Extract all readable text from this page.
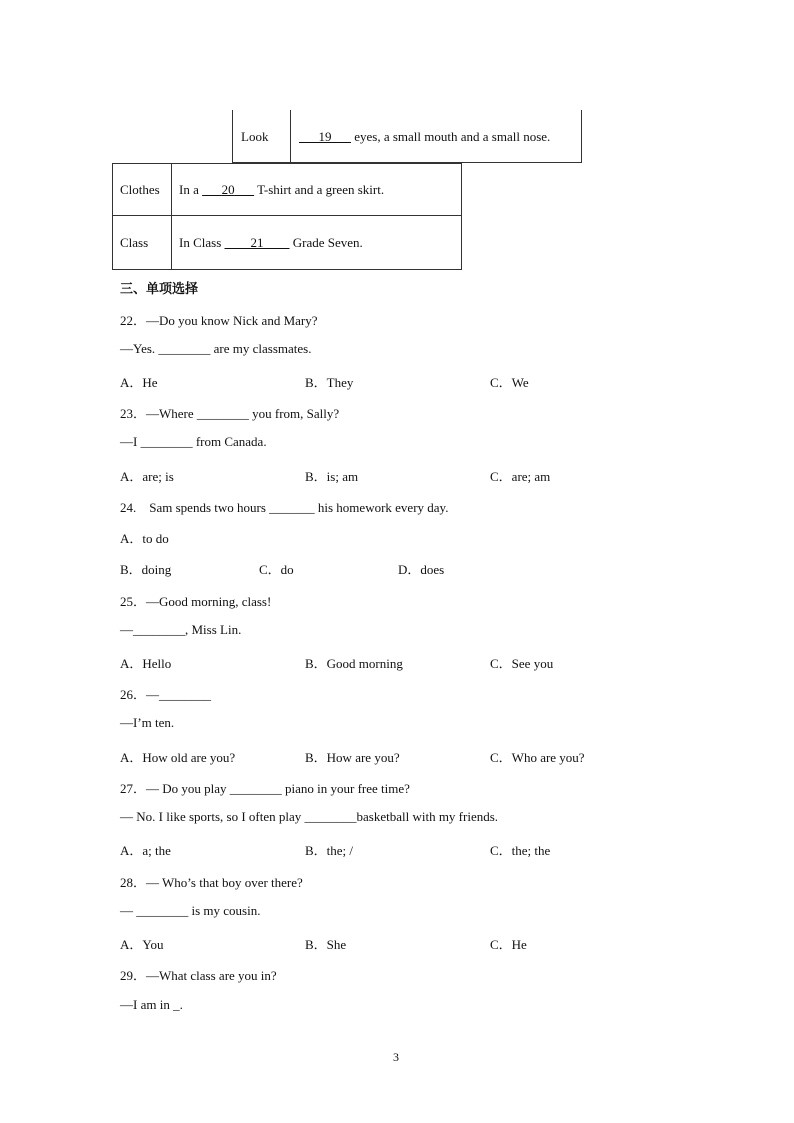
Look	19 eyes, a small mouth and a small nose.
Clothes In a 20 T-shirt and a green skirt.
Class In Class 21 Grade Seven.
三、单项选择
22．—Do you know Nick and Mary?
—Yes. ________ are my classmates.
A．He	B．They	C．We
23．—Where ________ you from, Sally?
—I ________ from Canada.
A．are; is	B．is; am	C．are; am
24.　Sam spends two hours _______ his homework every day.
A．to do
B．doing	C．do	D．does
25．—Good morning, class!
—________, Miss Lin.
A．Hello	B．Good morning	C．See you
26．—________
—I’m ten.
A．How old are you?	B．How are you?	C．Who are you?
27．— Do you play ________ piano in your free time?
— No. I like sports, so I often play ________basketball with my friends.
A．a; the	B．the; /	C．the; the
28．— Who’s that boy over there?
— ________ is my cousin.
A．You	B．She	C．He
29．—What class are you in?
—I am in _.
3
